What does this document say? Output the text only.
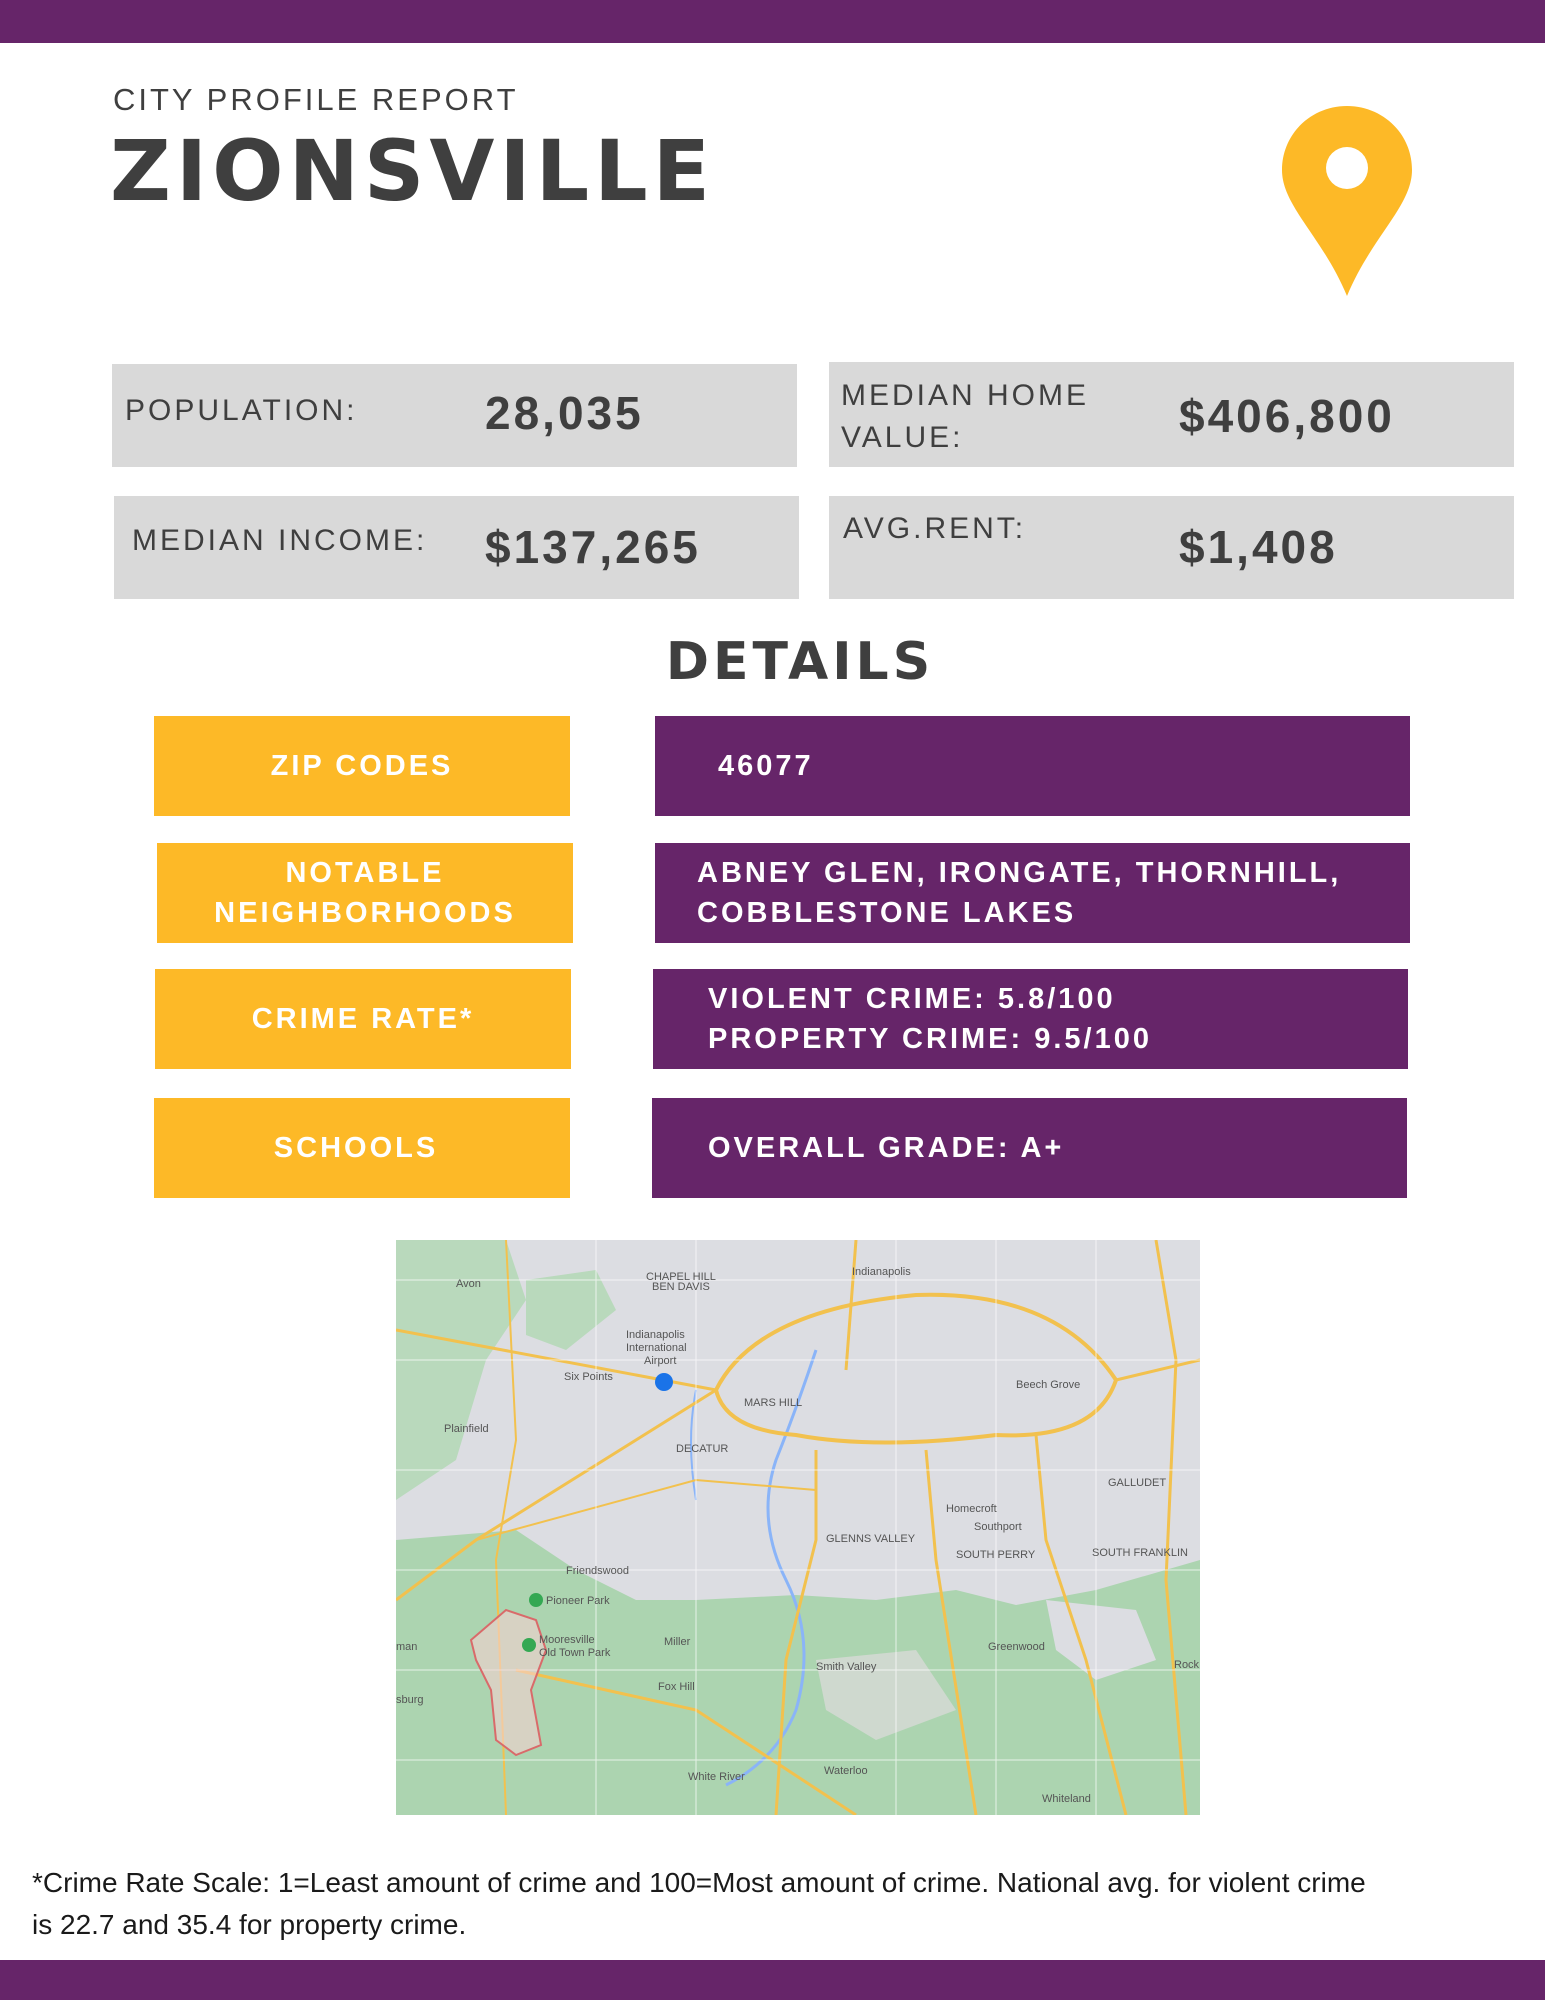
CITY PROFILE REPORT
ZIONSVILLE
POPULATION:	28,035	MEDIAN HOME
VALUE:	$406,800
MEDIAN INCOME: $137,265	AVG.RENT:	$1,408
DETAILS
ZIP CODES	46077
NOTABLE
NEIGHBORHOODS
ABNEY GLEN, IRONGATE, THORNHILL,
COBBLESTONE LAKES
CRIME RATE*
VIOLENT CRIME: 5.8/100
PROPERTY CRIME: 9.5/100
SCHOOLS	OVERALL GRADE: A+
Indianapolis
Avon
CHAPEL HILL
BEN DAVIS
Indianapolis
International
Airport
Six Points
Plainfield
MARS HILL
Beech Grove
DECATUR
GALLUDET
Homecroft
Southport
SOUTH PERRY	SOUTH FRANKLIN
GLENNS VALLEY
Friendswood
Pioneer Park
Mooresville
Old Town Park
Miller	Greenwood
Smith Valley
Fox Hill
Waterloo
Whiteland
White River
man
sburg
Rock
*Crime Rate Scale: 1=Least amount of crime and 100=Most amount of crime. National avg. for violent crime
is 22.7 and 35.4 for property crime.
